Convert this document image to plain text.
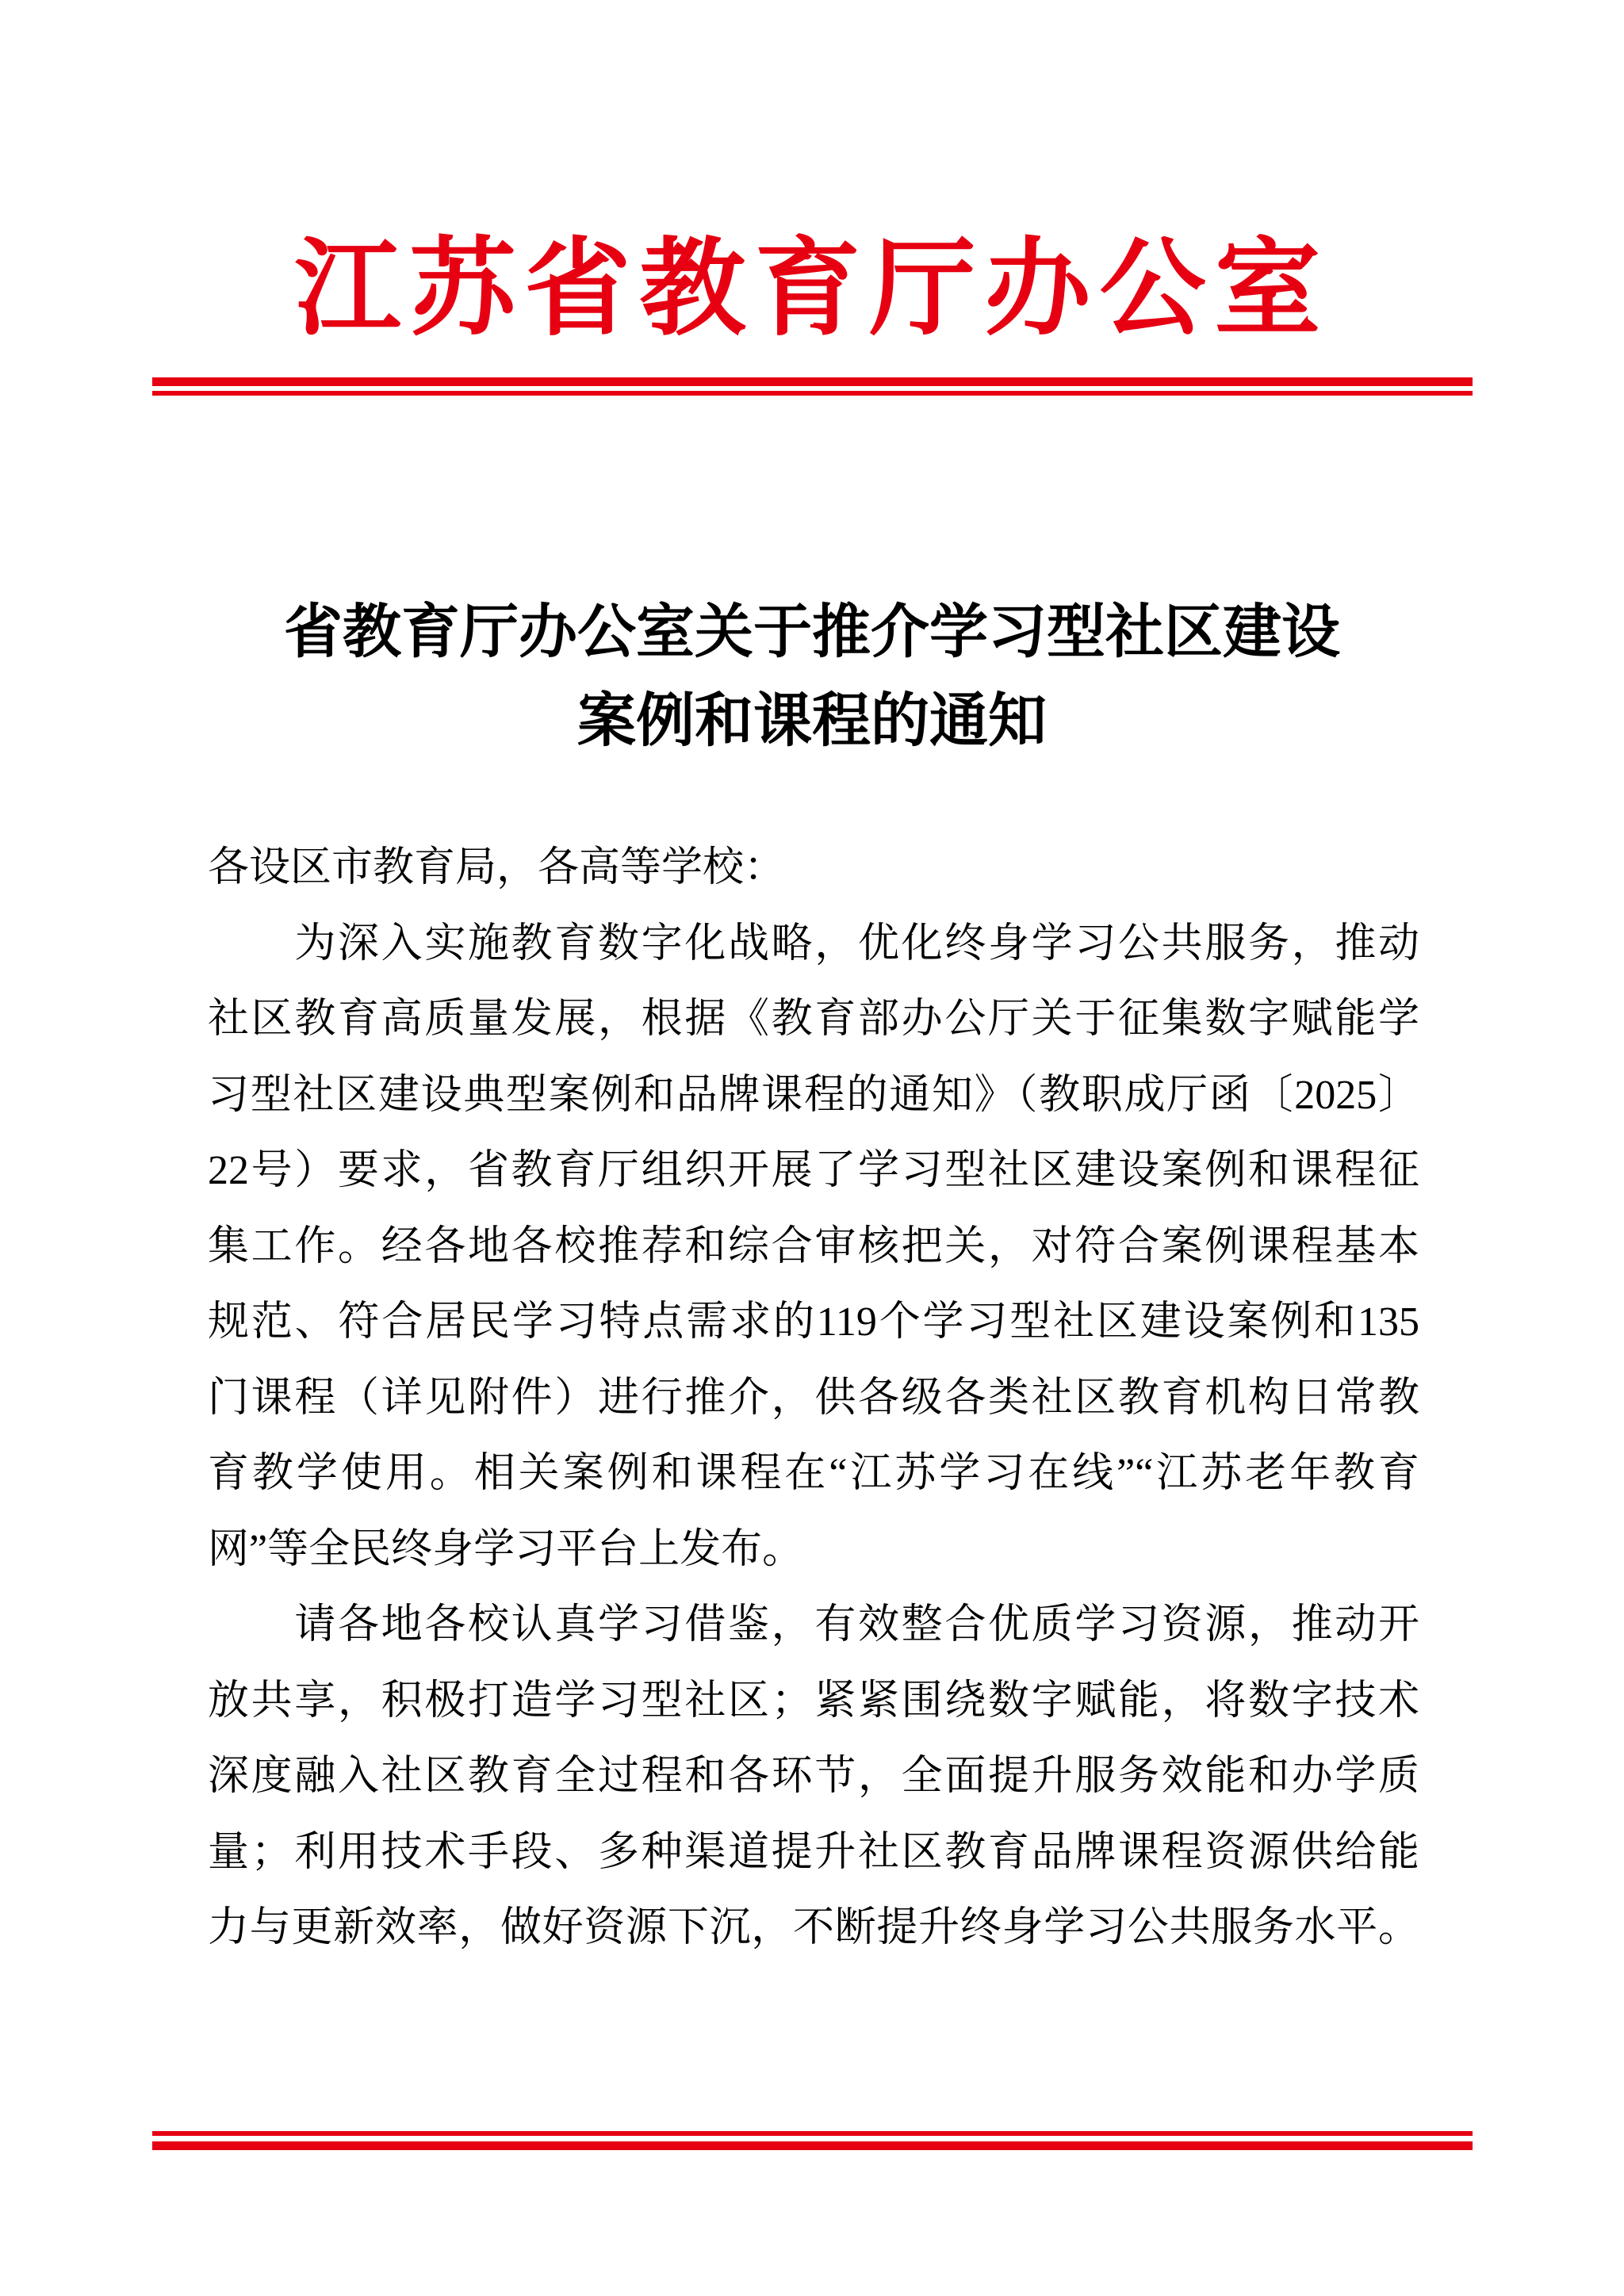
江苏省教育厅办公室
省教育厅办公室关于推介学习型社区建设
案例和课程的通知
各设区市教育局，各高等学校：
　　为深入实施教育数字化战略，优化终身学习公共服务，推动
社区教育高质量发展，根据《教育部办公厅关于征集数字赋能学
习型社区建设典型案例和品牌课程的通知》（教职成厅函〔2025〕
22号）要求，省教育厅组织开展了学习型社区建设案例和课程征
集工作。经各地各校推荐和综合审核把关，对符合案例课程基本
规范、符合居民学习特点需求的119个学习型社区建设案例和135
门课程（详见附件）进行推介，供各级各类社区教育机构日常教
育教学使用。相关案例和课程在“江苏学习在线”“江苏老年教育
网”等全民终身学习平台上发布。
　　请各地各校认真学习借鉴，有效整合优质学习资源，推动开
放共享，积极打造学习型社区；紧紧围绕数字赋能，将数字技术
深度融入社区教育全过程和各环节，全面提升服务效能和办学质
量；利用技术手段、多种渠道提升社区教育品牌课程资源供给能
力与更新效率，做好资源下沉，不断提升终身学习公共服务水平。
